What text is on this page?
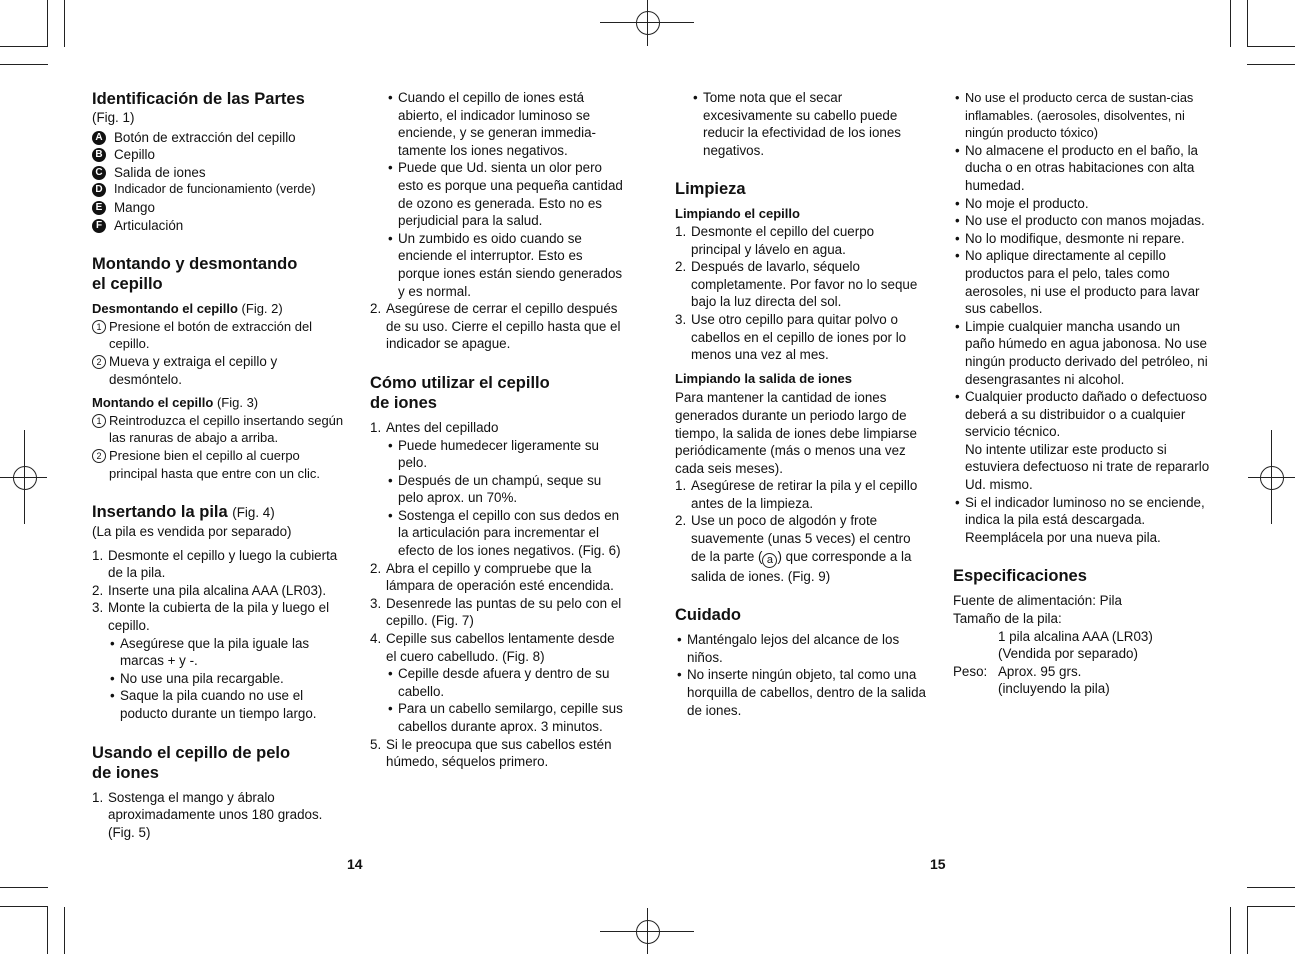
Identificación de las Partes

(Fig. 1)

A Botón de extracción del cepillo
B Cepillo
C Salida de iones
D Indicador de funcionamiento (verde)
E Mango
F Articulación
Montando y desmontando
el cepillo
Desmontando el cepillo (Fig. 2)
1 Presione el botón de extracción del cepillo.
2 Mueva y extraiga el cepillo y desmóntelo.
Montando el cepillo (Fig. 3)
1 Reintroduzca el cepillo insertando según las ranuras de abajo a arriba.
2 Presione bien el cepillo al cuerpo principal hasta que entre con un clic.
Insertando la pila (Fig. 4)

(La pila es vendida por separado)

1. Desmonte el cepillo y luego la cubierta de la pila.
2. Inserte una pila alcalina AAA (LR03).
3. Monte la cubierta de la pila y luego el cepillo.
• Asegúrese que la pila iguale las marcas + y -.
• No use una pila recargable.
• Saque la pila cuando no use el poducto durante un tiempo largo.
Usando el cepillo de pelo
de iones
1. Sostenga el mango y ábralo aproximadamente unos 180 grados. (Fig. 5)
• Cuando el cepillo de iones está abierto, el indicador luminoso se enciende, y se generan immedia-tamente los iones negativos.
• Puede que Ud. sienta un olor pero esto es porque una pequeña cantidad de ozono es generada. Esto no es perjudicial para la salud.
• Un zumbido es oido cuando se enciende el interruptor. Esto es porque iones están siendo generados y es normal.
2. Asegúrese de cerrar el cepillo después de su uso. Cierre el cepillo hasta que el indicador se apague.
Cómo utilizar el cepillo
de iones
1. Antes del cepillado
• Puede humedecer ligeramente su pelo.
• Después de un champú, seque su pelo aprox. un 70%.
• Sostenga el cepillo con sus dedos en la articulación para incrementar el efecto de los iones negativos. (Fig. 6)
2. Abra el cepillo y compruebe que la lámpara de operación esté encendida.
3. Desenrede las puntas de su pelo con el cepillo. (Fig. 7)
4. Cepille sus cabellos lentamente desde el cuero cabelludo. (Fig. 8)
• Cepille desde afuera y dentro de su cabello.
• Para un cabello semilargo, cepille sus cabellos durante aprox. 3 minutos.
5. Si le preocupa que sus cabellos estén húmedo, séquelos primero.
• Tome nota que el secar excesivamente su cabello puede reducir la efectividad de los iones negativos.
Limpieza
Limpiando el cepillo
1. Desmonte el cepillo del cuerpo principal y lávelo en agua.
2. Después de lavarlo, séquelo completamente. Por favor no lo seque bajo la luz directa del sol.
3. Use otro cepillo para quitar polvo o cabellos en el cepillo de iones por lo menos una vez al mes.
Limpiando la salida de iones

Para mantener la cantidad de iones generados durante un periodo largo de tiempo, la salida de iones debe limpiarse periódicamente (más o menos una vez cada seis meses).

1. Asegúrese de retirar la pila y el cepillo antes de la limpieza.
2. Use un poco de algodón y frote suavemente (unas 5 veces) el centro de la parte ( a ) que corresponde a la salida de iones. (Fig. 9)
Cuidado
• Manténgalo lejos del alcance de los niños.
• No inserte ningún objeto, tal como una horquilla de cabellos, dentro de la salida de iones.
• No use el producto cerca de sustan-cias inflamables. (aerosoles, disolventes, ni ningún producto tóxico)
• No almacene el producto en el baño, la ducha o en otras habitaciones con alta humedad.
• No moje el producto.
• No use el producto con manos mojadas.
• No lo modifique, desmonte ni repare.
• No aplique directamente al cepillo productos para el pelo, tales como aerosoles, ni use el producto para lavar sus cabellos.
• Limpie cualquier mancha usando un paño húmedo en agua jabonosa. No use ningún producto derivado del petróleo, ni desengrasantes ni alcohol.
• Cualquier producto dañado o defectuoso deberá a su distribuidor o a cualquier servicio técnico.
No intente utilizar este producto si estuviera defectuoso ni trate de repararlo Ud. mismo.
• Si el indicador luminoso no se enciende, indica la pila está descargada. Reemplácela por una nueva pila.
Especificaciones

Fuente de alimentación: Pila

Tamaño de la pila:

1 pila alcalina AAA (LR03)

(Vendida por separado)

Peso: Aprox. 95 grs.

(incluyendo la pila)

14	15
